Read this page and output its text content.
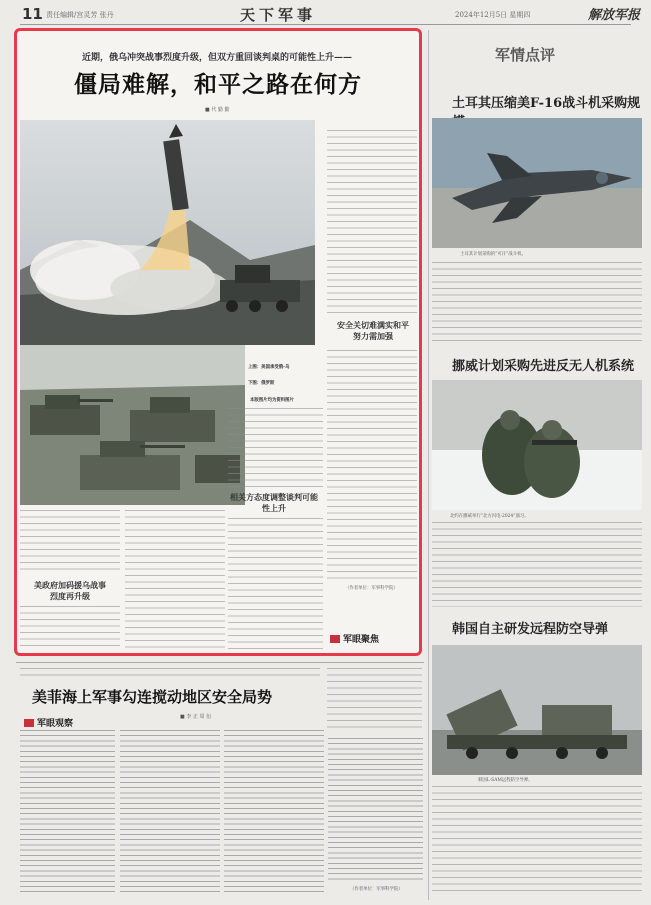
11 责任编辑/宫灵芳 张丹	天下军事	2024年12月5日 星期四	解放军报
近期，俄乌冲突战事烈度升级，但双方重回谈判桌的可能性上升——
僵局难解，和平之路在何方
■ 代 勤 勤
上图：美国承受俄-乌
下图：俄罗斯
本版照片均为资料图片
美政府加码援乌战事烈度再升级
相关方态度调整谈判可能性上升
安全关切难满实和平努力需加强
（作者单位：军事科学院）
军眼聚焦
美菲海上军事勾连搅动地区安全局势
■ 李 正 周 衍
军眼观察
（作者单位：军事科学院）
军情点评
土耳其压缩美F-16战斗机采购规
土耳其计划采购的“可汗”战斗机。
挪威计划采购先进反无人机系统
北约在挪威举行“北方闪电-2024”演习。
韩国自主研发远程防空导弹
韩国L-SAM远程防空导弹。
